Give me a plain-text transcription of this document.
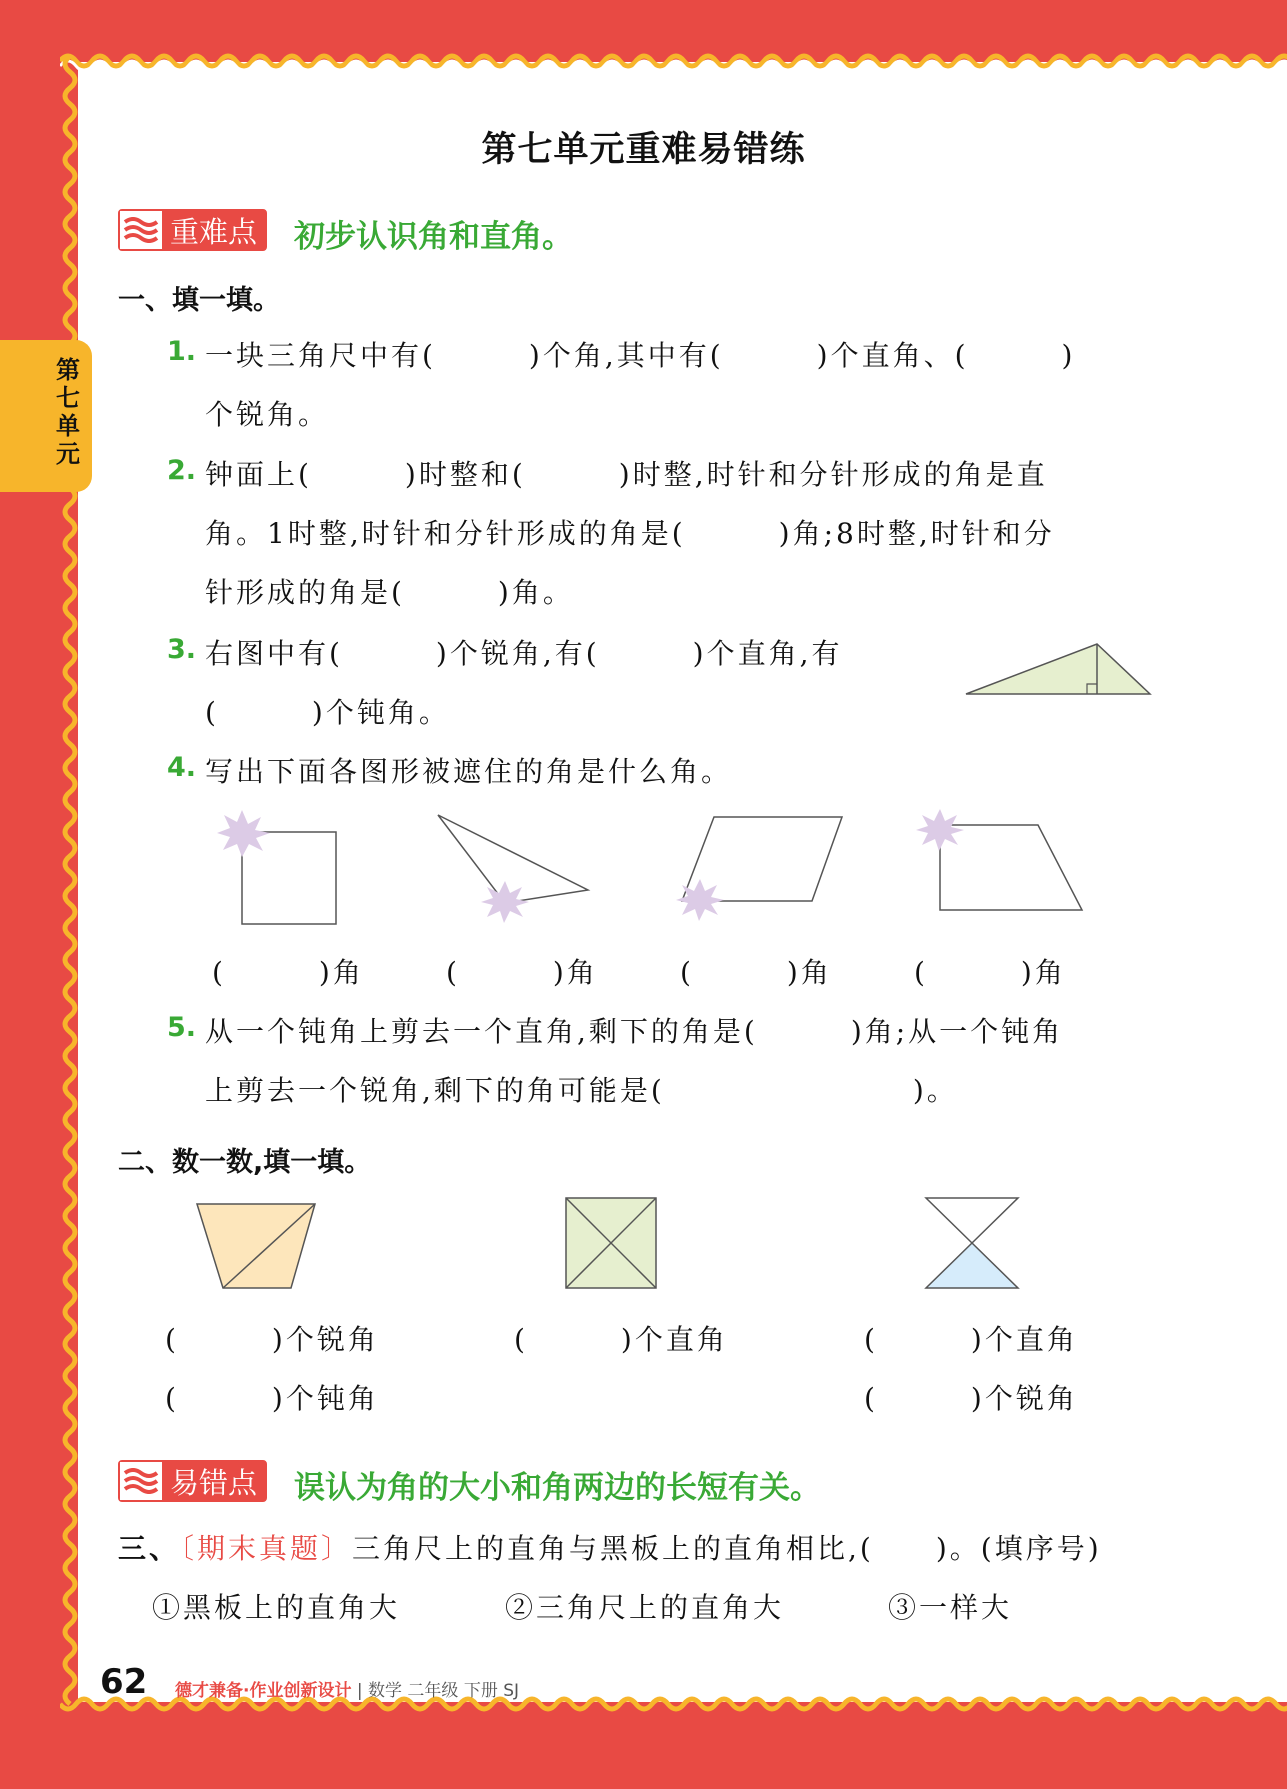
第七单元
第七单元重难易错练
重难点 初步认识角和直角。
一、填一填。
1. 一块三角尺中有(　　　)个角,其中有(　　　)个直角、(　　　)
个锐角。
2. 钟面上(　　　)时整和(　　　)时整,时针和分针形成的角是直
角。1时整,时针和分针形成的角是(　　　)角;8时整,时针和分
针形成的角是(　　　)角。
3. 右图中有(　　　)个锐角,有(　　　)个直角,有
(　　　)个钝角。
4. 写出下面各图形被遮住的角是什么角。
(　　　)角	(　　　)角	(　　　)角	(　　　)角
5. 从一个钝角上剪去一个直角,剩下的角是(　　　)角;从一个钝角
上剪去一个锐角,剩下的角可能是(　　　　　　　　)。
二、数一数,填一填。
(　　　)个锐角
(　　　)个钝角
(　　　)个直角	(　　　)个直角
(　　　)个锐角
易错点 误认为角的大小和角两边的长短有关。
三、〔期末真题〕三角尺上的直角与黑板上的直角相比,(　　)。(填序号)
①黑板上的直角大	②三角尺上的直角大	③一样大
62 德才兼备·作业创新设计 | 数学 二年级 下册 SJ
